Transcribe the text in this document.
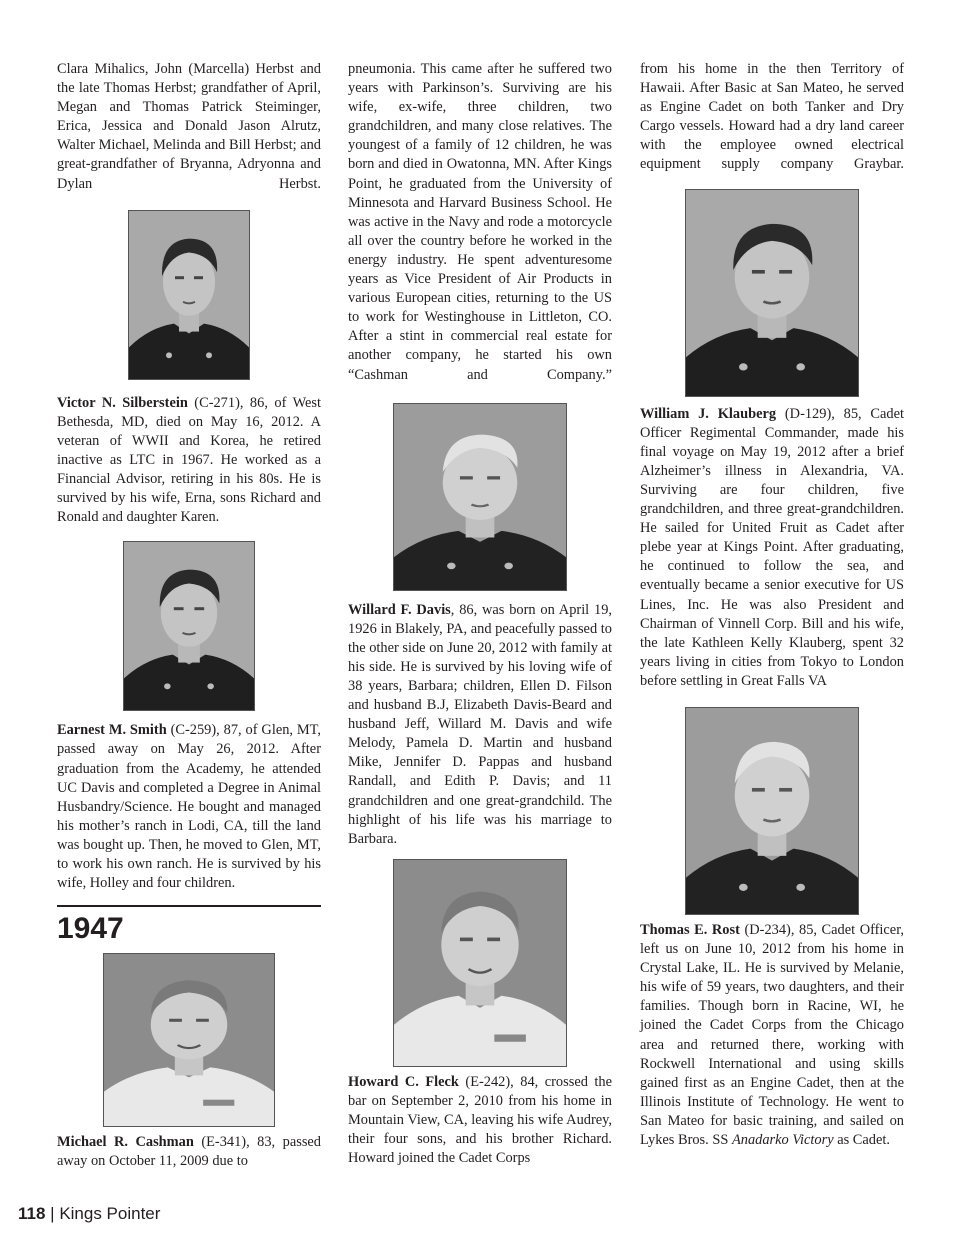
Clara Mihalics, John (Marcella) Herbst and the late Thomas Herbst; grandfather of April, Megan and Thomas Patrick Steiminger, Erica, Jessica and Donald Jason Alrutz, Walter Michael, Melinda and Bill Herbst; and great-grandfather of Bryanna, Adryonna and Dylan Herbst.

Victor N. Silberstein (C-271), 86, of West Bethesda, MD, died on May 16, 2012. A veteran of WWII and Korea, he retired inactive as LTC in 1967. He worked as a Financial Advisor, retiring in his 80s. He is survived by his wife, Erna, sons Richard and Ronald and daughter Karen.

Earnest M. Smith (C-259), 87, of Glen, MT, passed away on May 26, 2012. After graduation from the Academy, he attended UC Davis and completed a Degree in Animal Husbandry/Science. He bought and managed his mother’s ranch in Lodi, CA, till the land was bought up. Then, he moved to Glen, MT, to work his own ranch. He is survived by his wife, Holley and four children.

1947

Michael R. Cashman (E-341), 83, passed away on October 11, 2009 due to

pneumonia. This came after he suffered two years with Parkinson’s. Surviving are his wife, ex-wife, three children, two grandchildren, and many close relatives. The youngest of a family of 12 children, he was born and died in Owatonna, MN. After Kings Point, he graduated from the University of Minnesota and Harvard Business School. He was active in the Navy and rode a motorcycle all over the country before he worked in the energy industry. He spent adventuresome years as Vice President of Air Products in various European cities, returning to the US to work for Westinghouse in Littleton, CO. After a stint in commercial real estate for another company, he started his own “Cashman and Company.”

Willard F. Davis, 86, was born on April 19, 1926 in Blakely, PA, and peacefully passed to the other side on June 20, 2012 with family at his side. He is survived by his loving wife of 38 years, Barbara; children, Ellen D. Filson and husband B.J, Elizabeth Davis-Beard and husband Jeff, Willard M. Davis and wife Melody, Pamela D. Martin and husband Mike, Jennifer D. Pappas and husband Randall, and Edith P. Davis; and 11 grandchildren and one great-grandchild. The highlight of his life was his marriage to Barbara.

Howard C. Fleck (E-242), 84, crossed the bar on September 2, 2010 from his home in Mountain View, CA, leaving his wife Audrey, their four sons, and his brother Richard. Howard joined the Cadet Corps

from his home in the then Territory of Hawaii. After Basic at San Mateo, he served as Engine Cadet on both Tanker and Dry Cargo vessels. Howard had a dry land career with the employee owned electrical equipment supply company Graybar.

William J. Klauberg (D-129), 85, Cadet Officer Regimental Commander, made his final voyage on May 19, 2012 after a brief Alzheimer’s illness in Alexandria, VA. Surviving are four children, five grandchildren, and three great-grandchildren. He sailed for United Fruit as Cadet after plebe year at Kings Point. After graduating, he continued to follow the sea, and eventually became a senior executive for US Lines, Inc. He was also President and Chairman of Vinnell Corp. Bill and his wife, the late Kathleen Kelly Klauberg, spent 32 years living in cities from Tokyo to London before settling in Great Falls VA

Thomas E. Rost (D-234), 85, Cadet Officer, left us on June 10, 2012 from his home in Crystal Lake, IL. He is survived by Melanie, his wife of 59 years, two daughters, and their families. Though born in Racine, WI, he joined the Cadet Corps from the Chicago area and returned there, working with Rockwell International and using skills gained first as an Engine Cadet, then at the Illinois Institute of Technology. He went to San Mateo for basic training, and sailed on Lykes Bros. SS Anadarko Victory as Cadet.

118 | Kings Pointer
